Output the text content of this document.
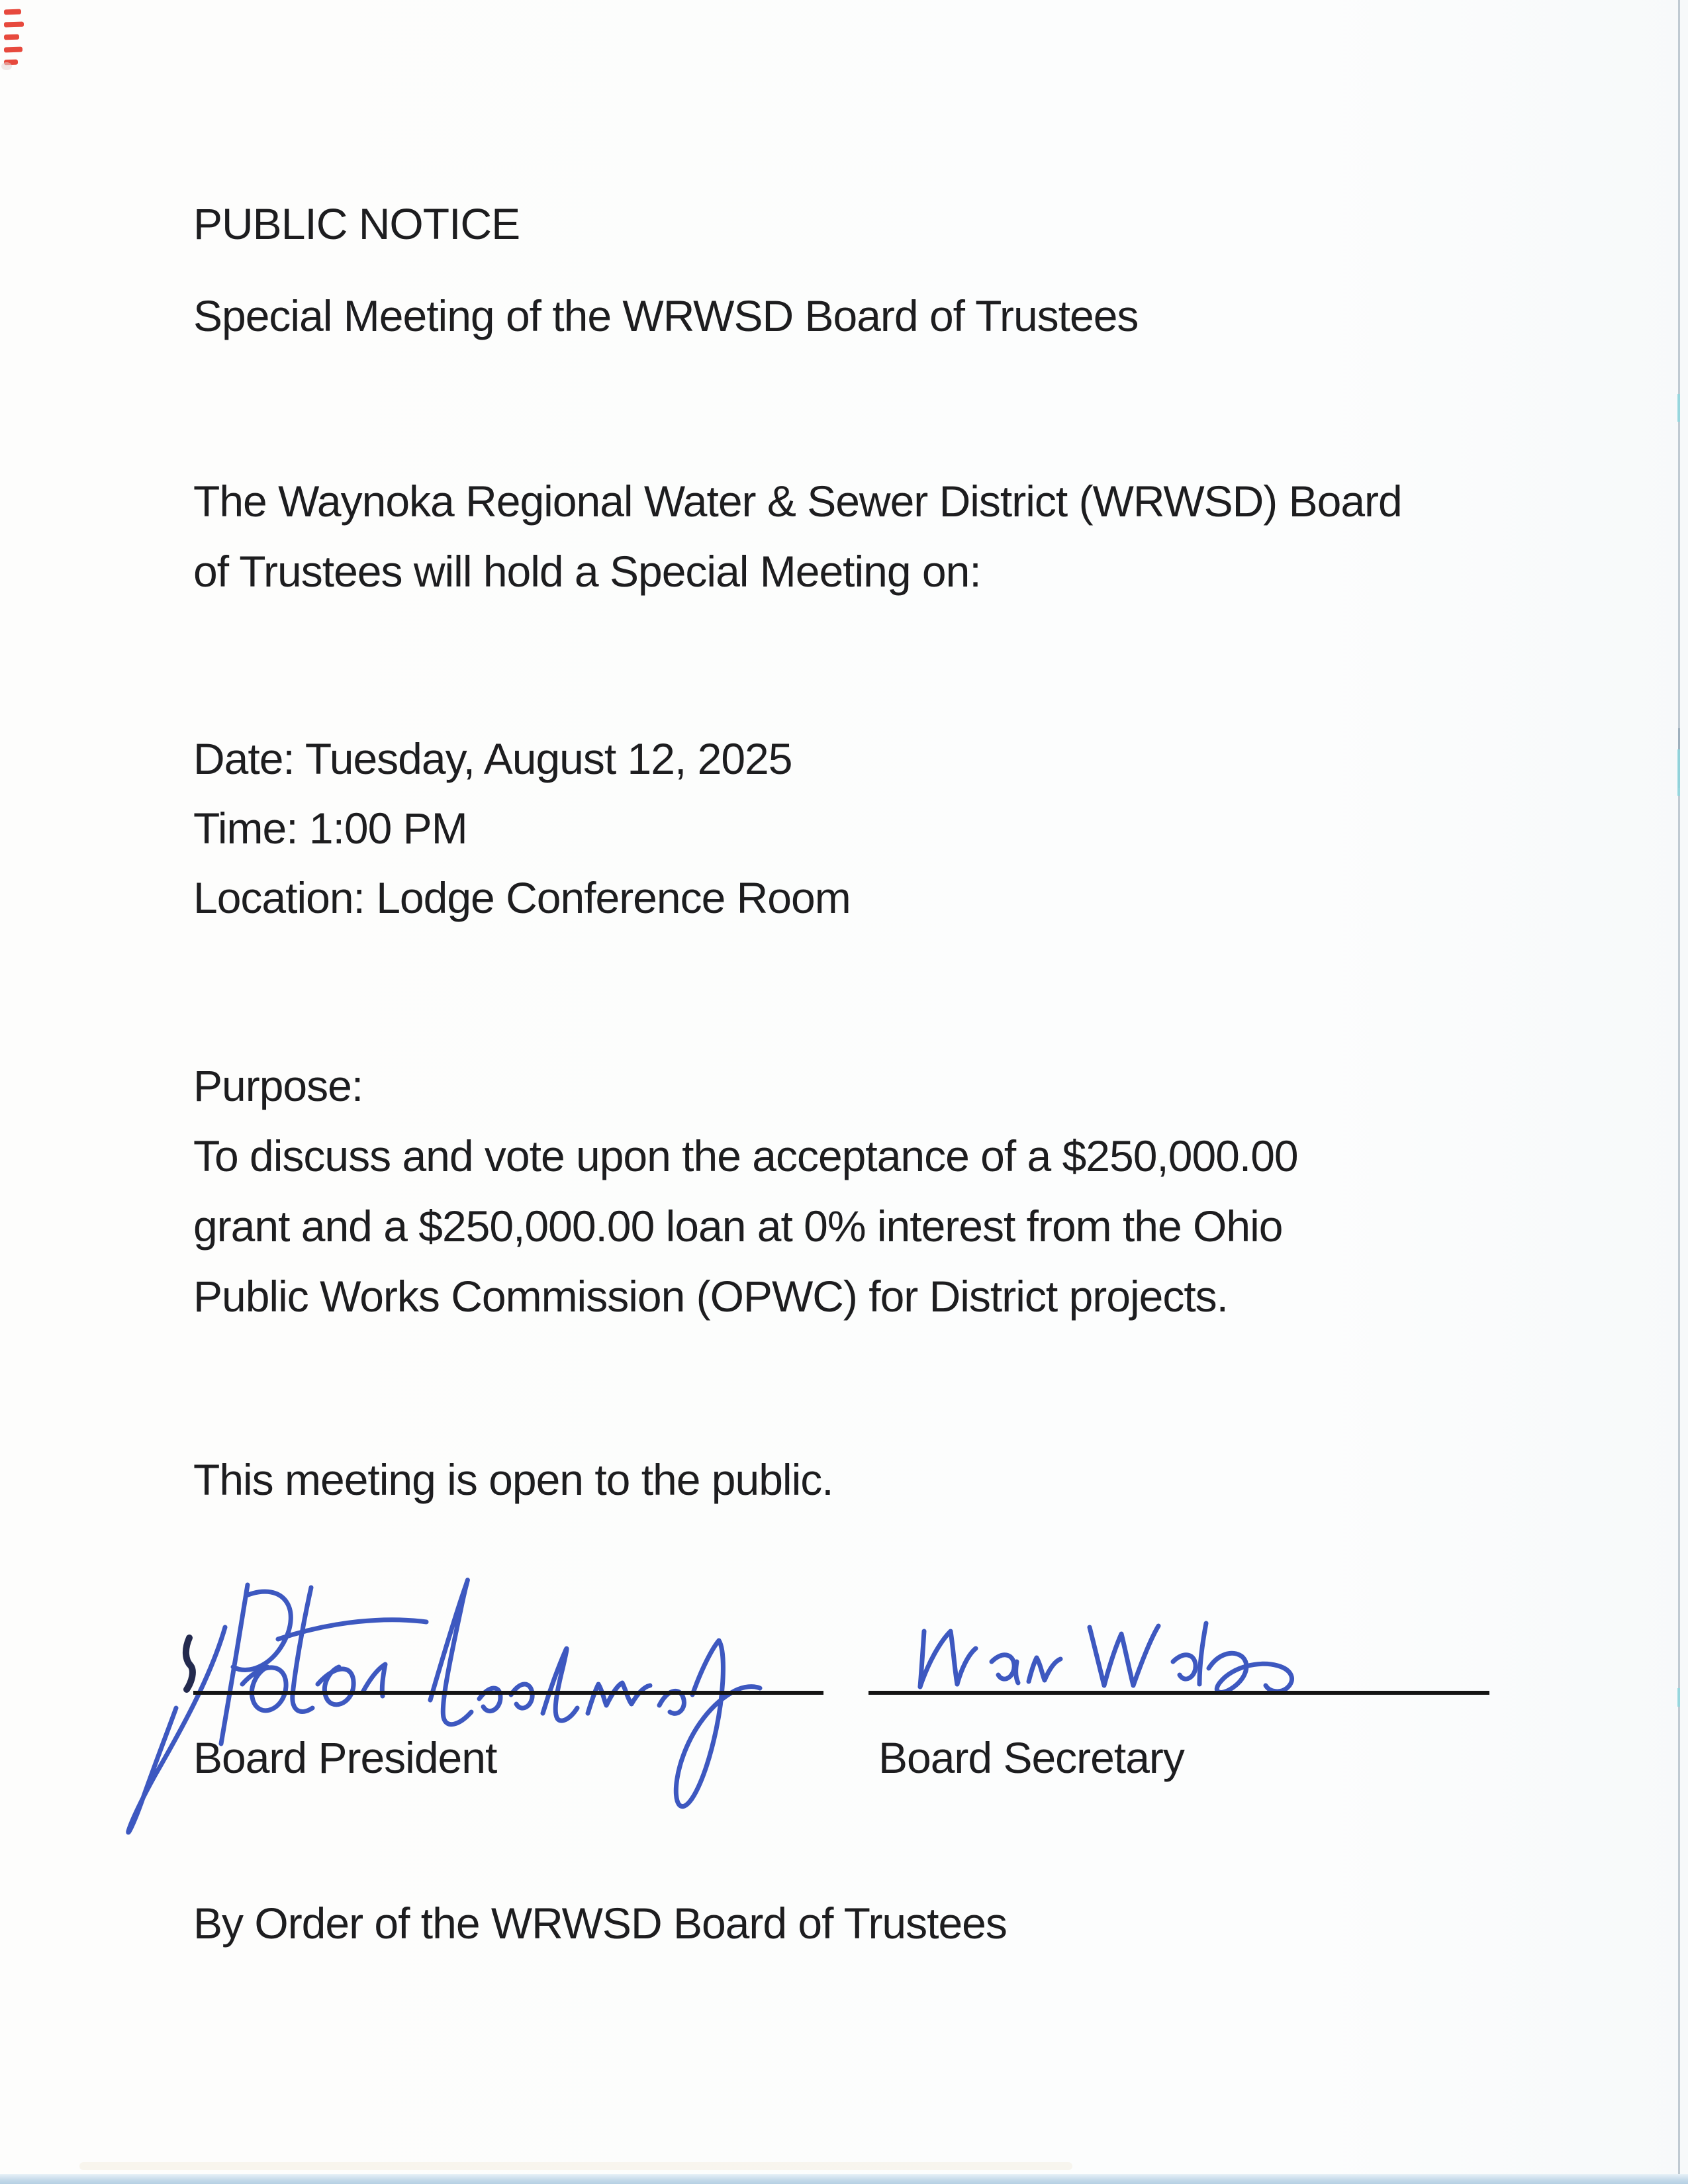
PUBLIC NOTICE
Special Meeting of the WRWSD Board of Trustees
The Waynoka Regional Water & Sewer District (WRWSD) Board
of Trustees will hold a Special Meeting on:
Date: Tuesday, August 12, 2025
Time: 1:00 PM
Location: Lodge Conference Room
Purpose:
To discuss and vote upon the acceptance of a $250,000.00
grant and a $250,000.00 loan at 0% interest from the Ohio
Public Works Commission (OPWC) for District projects.
This meeting is open to the public.
Board President	Board Secretary
By Order of the WRWSD Board of Trustees
